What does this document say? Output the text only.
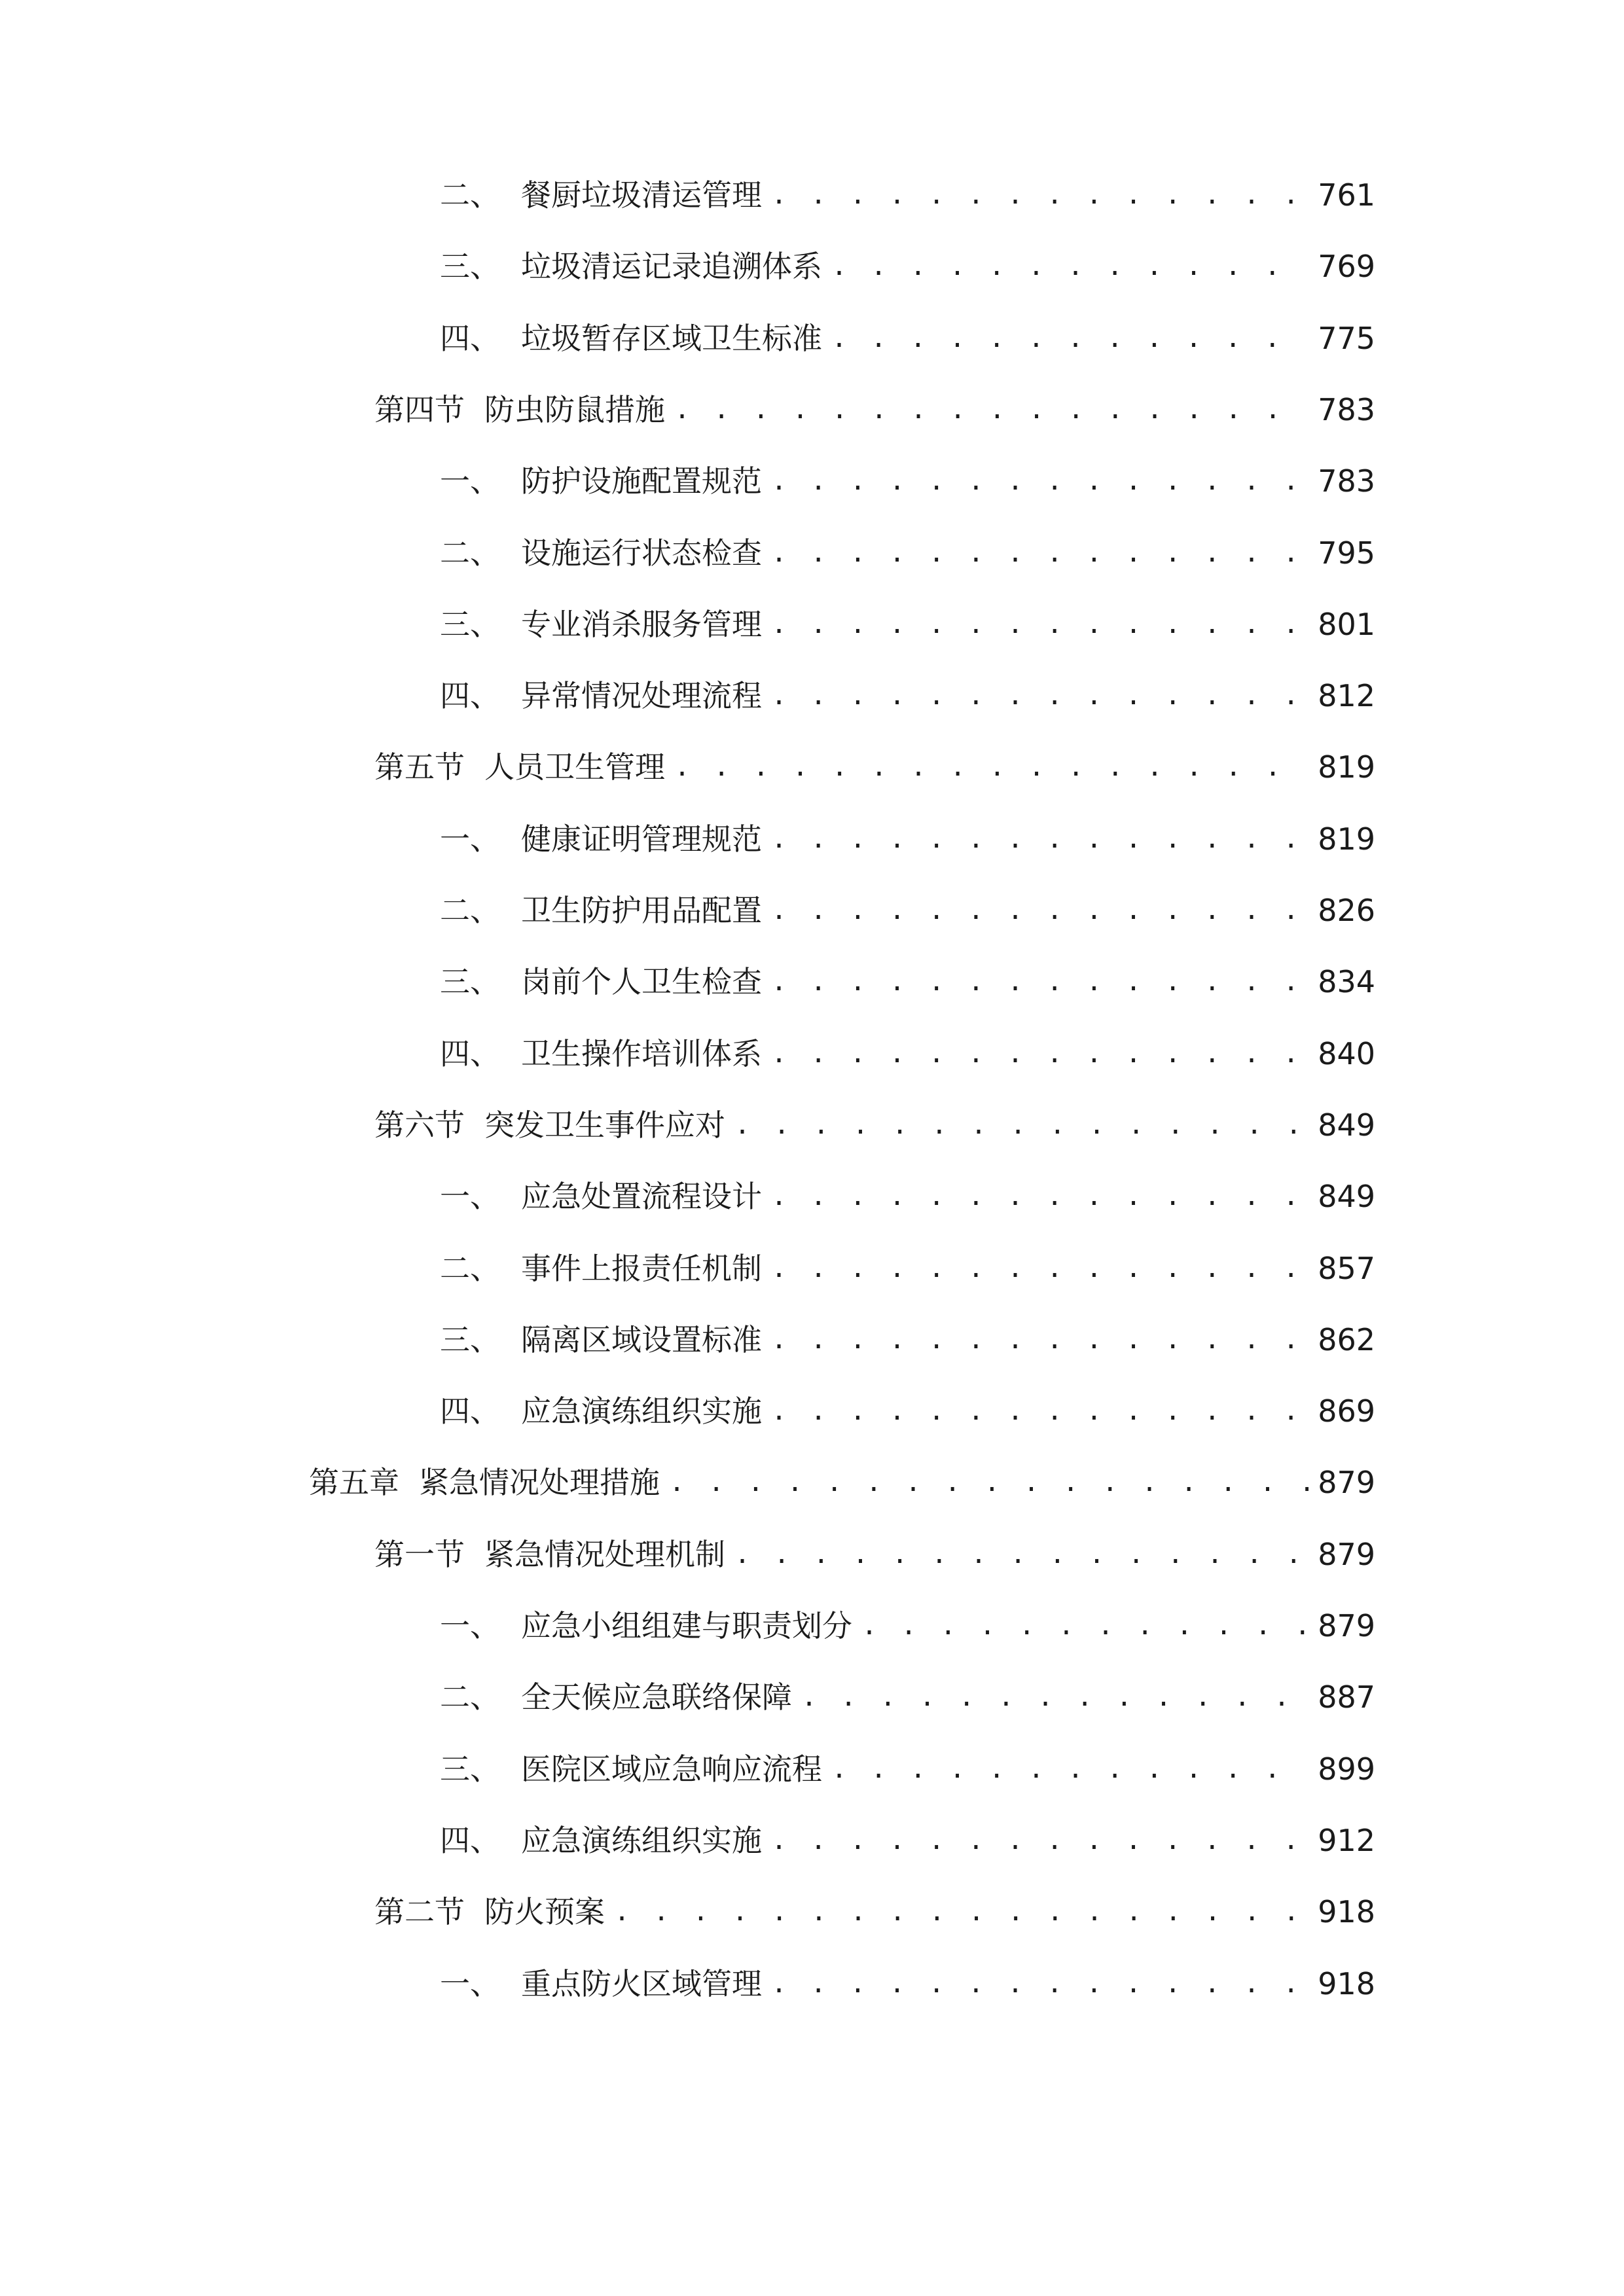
二、 餐厨垃圾清运管理 . . .	761
三、 垃圾清运记录追溯体系 . . .	769
四、 垃圾暂存区域卫生标准 . . .	775
第四节 防虫防鼠措施 . . .	783
一、 防护设施配置规范 . . .	783
二、 设施运行状态检查 . . .	795
三、 专业消杀服务管理 . . .	801
四、 异常情况处理流程 . . .	812
第五节 人员卫生管理 . . .	819
一、 健康证明管理规范 . . .	819
二、 卫生防护用品配置 . . .	826
三、 岗前个人卫生检查 . . .	834
四、 卫生操作培训体系 . . .	840
第六节 突发卫生事件应对 . . .	849
一、 应急处置流程设计 . . .	849
二、 事件上报责任机制 . . .	857
三、 隔离区域设置标准 . . .	862
四、 应急演练组织实施 . . .	869
第五章 紧急情况处理措施 . . .	879
第一节 紧急情况处理机制 . . .	879
一、 应急小组组建与职责划分 . . .	879
二、 全天候应急联络保障 . . .	887
三、 医院区域应急响应流程 . . .	899
四、 应急演练组织实施 . . .	912
第二节 防火预案 . . .	918
一、 重点防火区域管理 . . .	918
